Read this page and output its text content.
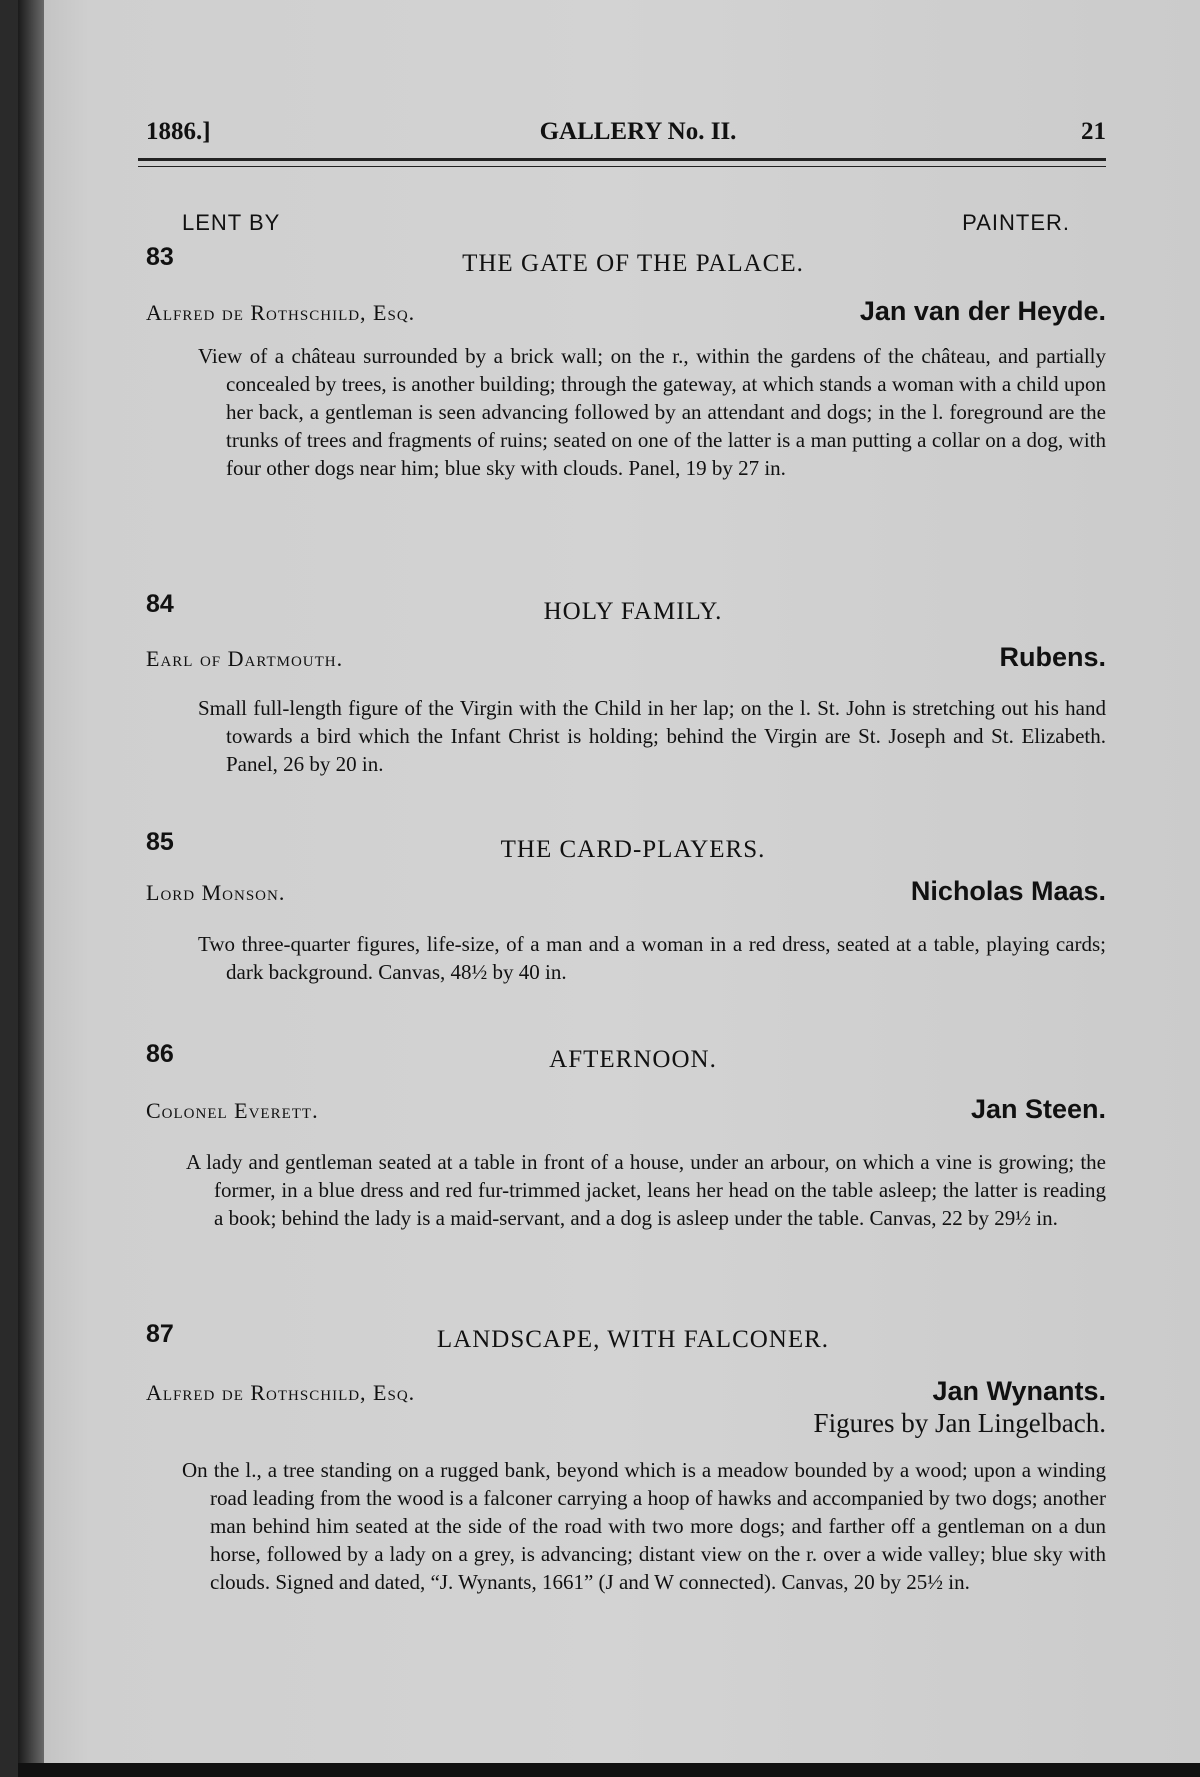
1886.]	GALLERY No. II.	21
LENT BY	PAINTER.
83	THE GATE OF THE PALACE.
Alfred de Rothschild, Esq.	Jan van der Heyde.

View of a château surrounded by a brick wall; on the r., within the gardens of the château, and partially concealed by trees, is another building; through the gateway, at which stands a woman with a child upon her back, a gentleman is seen advancing followed by an attendant and dogs; in the l. foreground are the trunks of trees and fragments of ruins; seated on one of the latter is a man putting a collar on a dog, with four other dogs near him; blue sky with clouds. Panel, 19 by 27 in.

84	HOLY FAMILY.
Earl of Dartmouth.	Rubens.

Small full-length figure of the Virgin with the Child in her lap; on the l. St. John is stretching out his hand towards a bird which the Infant Christ is holding; behind the Virgin are St. Joseph and St. Elizabeth. Panel, 26 by 20 in.

85	THE CARD-PLAYERS.
Lord Monson.	Nicholas Maas.

Two three-quarter figures, life-size, of a man and a woman in a red dress, seated at a table, playing cards; dark background. Canvas, 48½ by 40 in.

86	AFTERNOON.
Colonel Everett.	Jan Steen.

A lady and gentleman seated at a table in front of a house, under an arbour, on which a vine is growing; the former, in a blue dress and red fur-trimmed jacket, leans her head on the table asleep; the latter is reading a book; behind the lady is a maid-servant, and a dog is asleep under the table. Canvas, 22 by 29½ in.

87	LANDSCAPE, WITH FALCONER.
Alfred de Rothschild, Esq.	Jan Wynants.
Figures by Jan Lingelbach.

On the l., a tree standing on a rugged bank, beyond which is a meadow bounded by a wood; upon a winding road leading from the wood is a falconer carrying a hoop of hawks and accompanied by two dogs; another man behind him seated at the side of the road with two more dogs; and farther off a gentleman on a dun horse, followed by a lady on a grey, is advancing; distant view on the r. over a wide valley; blue sky with clouds. Signed and dated, “J. Wynants, 1661” (J and W connected). Canvas, 20 by 25½ in.
